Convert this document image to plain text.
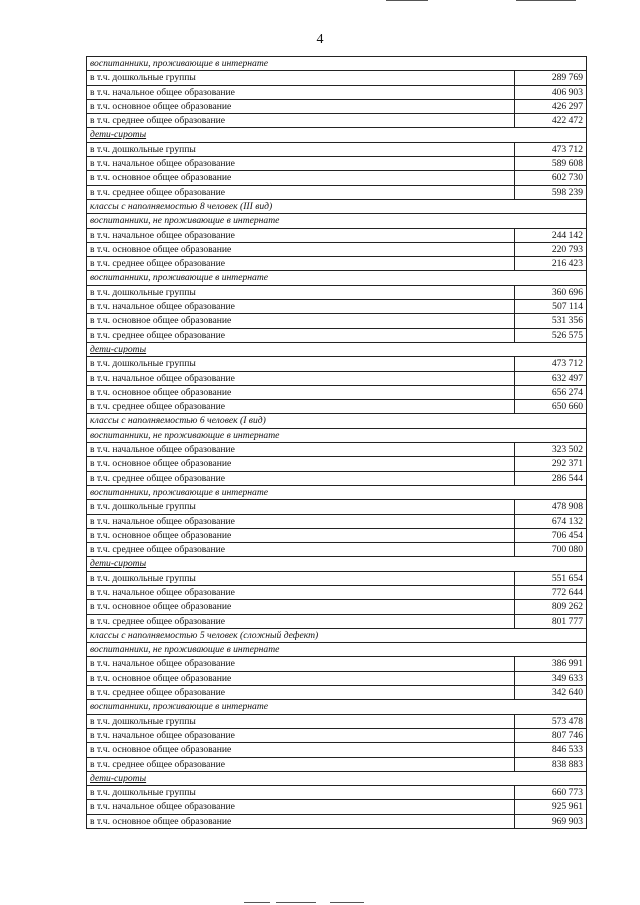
4
воспитанники, проживающие в интернате	
в т.ч. дошкольные группы	289 769
в т.ч. начальное общее образование	406 903
в т.ч. основное общее образование	426 297
в т.ч. среднее общее образование	422 472
дети-сироты	
в т.ч. дошкольные группы	473 712
в т.ч. начальное общее образование	589 608
в т.ч. основное общее образование	602 730
в т.ч. среднее общее образование	598 239
классы с наполняемостью 8 человек (III вид)	
воспитанники, не проживающие в интернате	
в т.ч. начальное общее образование	244 142
в т.ч. основное общее образование	220 793
в т.ч. среднее общее образование	216 423
воспитанники, проживающие в интернате	
в т.ч. дошкольные группы	360 696
в т.ч. начальное общее образование	507 114
в т.ч. основное общее образование	531 356
в т.ч. среднее общее образование	526 575
дети-сироты	
в т.ч. дошкольные группы	473 712
в т.ч. начальное общее образование	632 497
в т.ч. основное общее образование	656 274
в т.ч. среднее общее образование	650 660
классы с наполняемостью 6 человек (I вид)	
воспитанники, не проживающие в интернате	
в т.ч. начальное общее образование	323 502
в т.ч. основное общее образование	292 371
в т.ч. среднее общее образование	286 544
воспитанники, проживающие в интернате	
в т.ч. дошкольные группы	478 908
в т.ч. начальное общее образование	674 132
в т.ч. основное общее образование	706 454
в т.ч. среднее общее образование	700 080
дети-сироты	
в т.ч. дошкольные группы	551 654
в т.ч. начальное общее образование	772 644
в т.ч. основное общее образование	809 262
в т.ч. среднее общее образование	801 777
классы с наполняемостью 5 человек (сложный дефект)	
воспитанники, не проживающие в интернате	
в т.ч. начальное общее образование	386 991
в т.ч. основное общее образование	349 633
в т.ч. среднее общее образование	342 640
воспитанники, проживающие в интернате	
в т.ч. дошкольные группы	573 478
в т.ч. начальное общее образование	807 746
в т.ч. основное общее образование	846 533
в т.ч. среднее общее образование	838 883
дети-сироты	
в т.ч. дошкольные группы	660 773
в т.ч. начальное общее образование	925 961
в т.ч. основное общее образование	969 903
